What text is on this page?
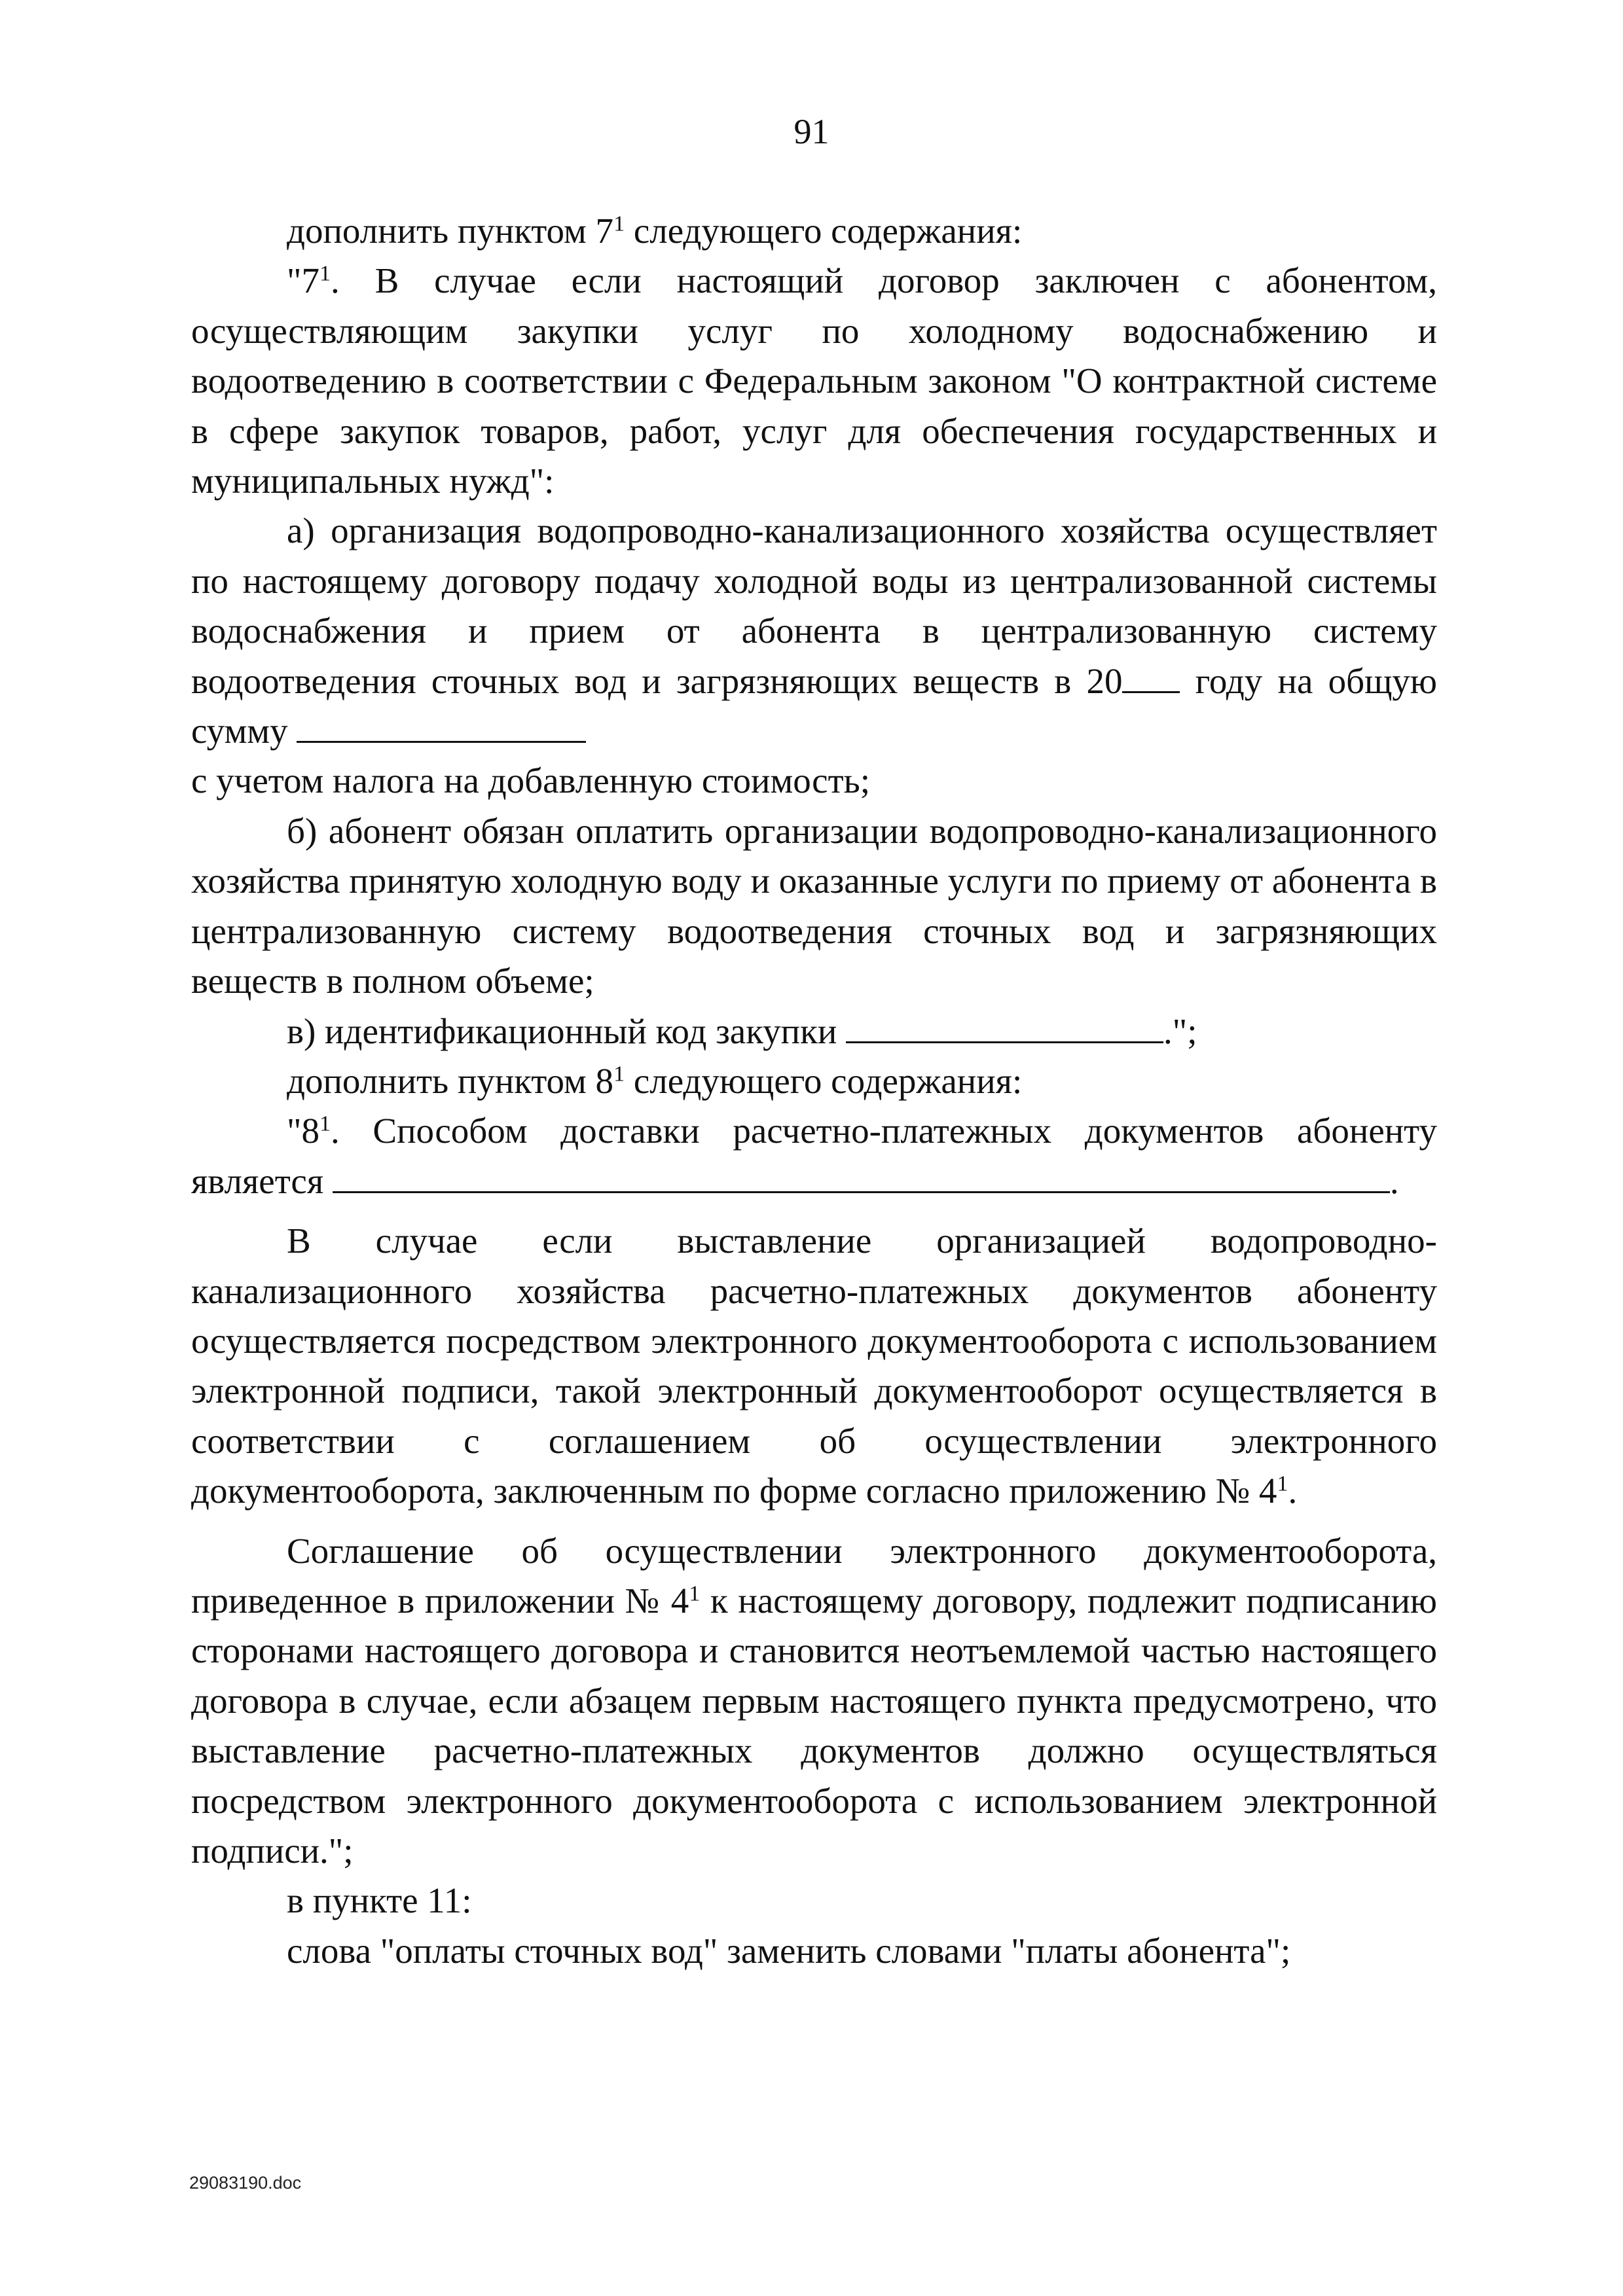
91

дополнить пунктом $7^1$ следующего содержания:

"$7^1$. В случае если настоящий договор заключен с абонентом, осуществляющим закупки услуг по холодному водоснабжению и водоотведению в соответствии с Федеральным законом "О контрактной системе в сфере закупок товаров, работ, услуг для обеспечения государственных и муниципальных нужд":

а) организация водопроводно-канализационного хозяйства осуществляет по настоящему договору подачу холодной воды из централизованной системы водоснабжения и прием от абонента в централизованную систему водоотведения сточных вод и загрязняющих веществ в 20 году на общую сумму
с учетом налога на добавленную стоимость;

б) абонент обязан оплатить организации водопроводно-канализационного хозяйства принятую холодную воду и оказанные услуги по приему от абонента в централизованную систему водоотведения сточных вод и загрязняющих веществ в полном объеме;

в) идентификационный код закупки	.";

дополнить пунктом $8^1$ следующего содержания:

"$8^1$. Способом доставки расчетно-платежных документов абоненту является	.

В случае если выставление организацией водопроводно-канализационного хозяйства расчетно-платежных документов абоненту осуществляется посредством электронного документооборота с использованием электронной подписи, такой электронный документооборот осуществляется в соответствии с соглашением об осуществлении электронного документооборота, заключенным по форме согласно приложению № $4^1$.

Соглашение об осуществлении электронного документооборота, приведенное в приложении № $4^1$ к настоящему договору, подлежит подписанию сторонами настоящего договора и становится неотъемлемой частью настоящего договора в случае, если абзацем первым настоящего пункта предусмотрено, что выставление расчетно-платежных документов должно осуществляться посредством электронного документооборота с использованием электронной подписи.";

в пункте 11:

слова "оплаты сточных вод" заменить словами "платы абонента";

29083190.doc
